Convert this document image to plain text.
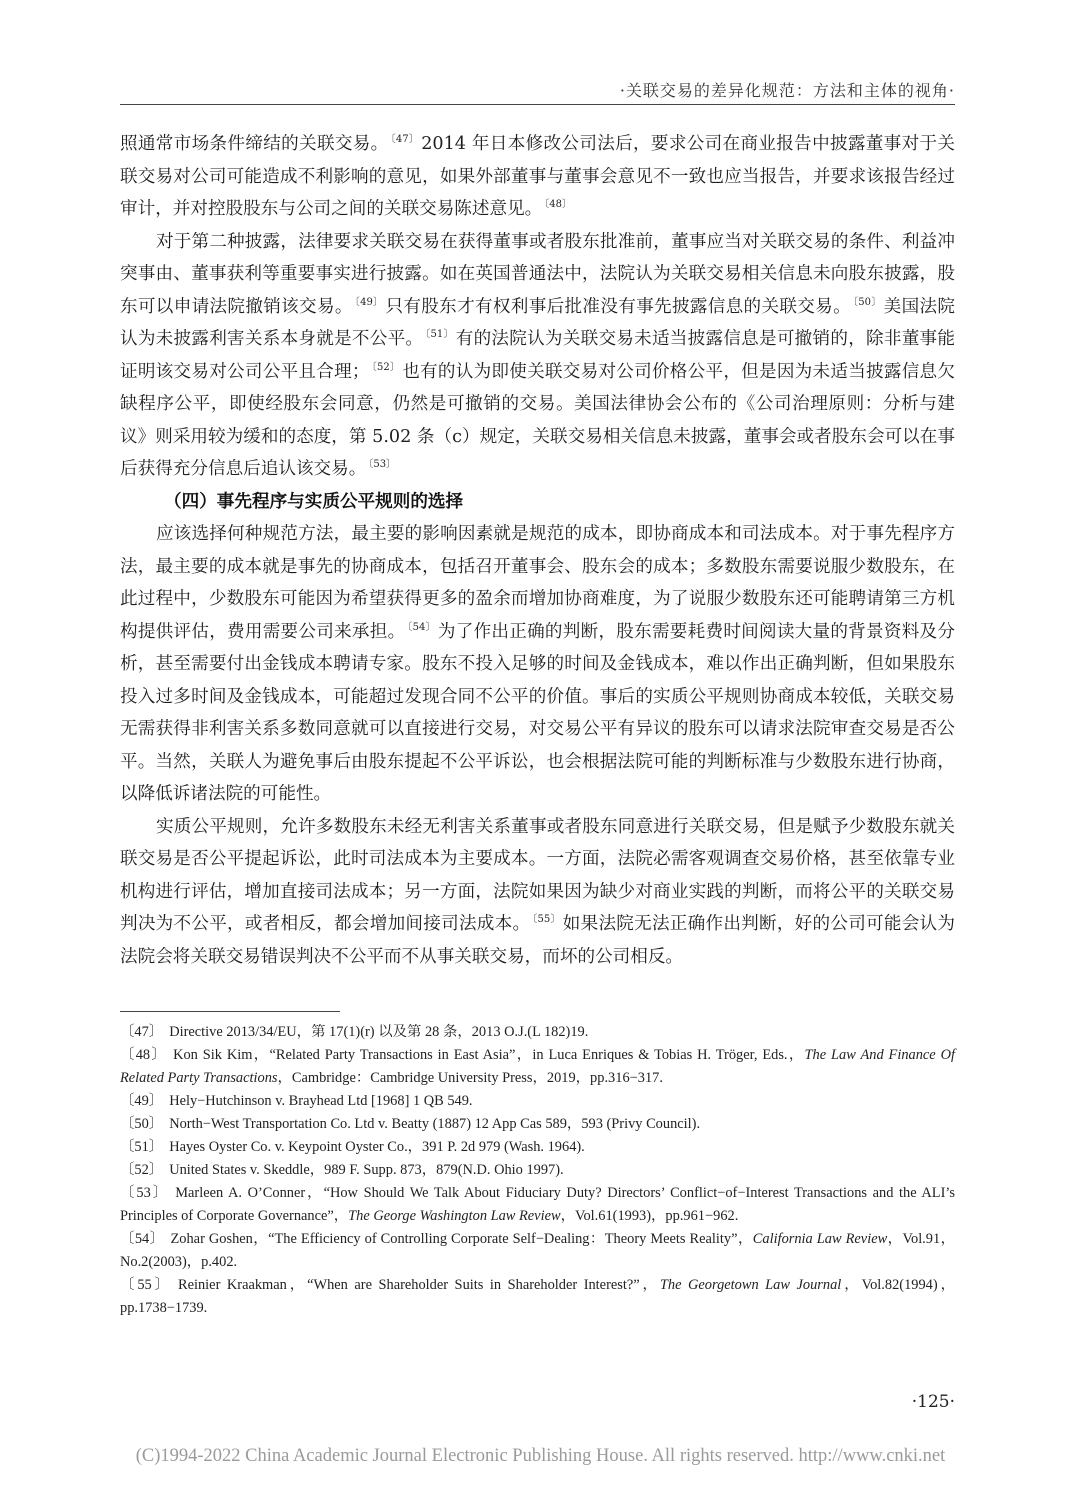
·关联交易的差异化规范：方法和主体的视角·

照通常市场条件缔结的关联交易。 $^{〔47〕}$ 2014 年日本修改公司法后，要求公司在商业报告中披露董事对于关联交易对公司可能造成不利影响的意见，如果外部董事与董事会意见不一致也应当报告，并要求该报告经过审计，并对控股股东与公司之间的关联交易陈述意见。 $^{〔48〕}$

对于第二种披露，法律要求关联交易在获得董事或者股东批准前，董事应当对关联交易的条件、利益冲突事由、董事获利等重要事实进行披露。如在英国普通法中，法院认为关联交易相关信息未向股东披露，股东可以申请法院撤销该交易。 $^{〔49〕}$ 只有股东才有权利事后批准没有事先披露信息的关联交易。 $^{〔50〕}$ 美国法院认为未披露利害关系本身就是不公平。 $^{〔51〕}$ 有的法院认为关联交易未适当披露信息是可撤销的，除非董事能证明该交易对公司公平且合理； $^{〔52〕}$ 也有的认为即使关联交易对公司价格公平，但是因为未适当披露信息欠缺程序公平，即使经股东会同意，仍然是可撤销的交易。美国法律协会公布的《公司治理原则：分析与建议》则采用较为缓和的态度，第 5.02 条（c）规定，关联交易相关信息未披露，董事会或者股东会可以在事后获得充分信息后追认该交易。 $^{〔53〕}$

（四）事先程序与实质公平规则的选择

应该选择何种规范方法，最主要的影响因素就是规范的成本，即协商成本和司法成本。对于事先程序方法，最主要的成本就是事先的协商成本，包括召开董事会、股东会的成本；多数股东需要说服少数股东，在此过程中，少数股东可能因为希望获得更多的盈余而增加协商难度，为了说服少数股东还可能聘请第三方机构提供评估，费用需要公司来承担。 $^{〔54〕}$ 为了作出正确的判断，股东需要耗费时间阅读大量的背景资料及分析，甚至需要付出金钱成本聘请专家。股东不投入足够的时间及金钱成本，难以作出正确判断，但如果股东投入过多时间及金钱成本，可能超过发现合同不公平的价值。事后的实质公平规则协商成本较低，关联交易无需获得非利害关系多数同意就可以直接进行交易，对交易公平有异议的股东可以请求法院审查交易是否公平。当然，关联人为避免事后由股东提起不公平诉讼，也会根据法院可能的判断标准与少数股东进行协商，以降低诉诸法院的可能性。

实质公平规则，允许多数股东未经无利害关系董事或者股东同意进行关联交易，但是赋予少数股东就关联交易是否公平提起诉讼，此时司法成本为主要成本。一方面，法院必需客观调查交易价格，甚至依靠专业机构进行评估，增加直接司法成本；另一方面，法院如果因为缺少对商业实践的判断，而将公平的关联交易判决为不公平，或者相反，都会增加间接司法成本。 $^{〔55〕}$ 如果法院无法正确作出判断，好的公司可能会认为法院会将关联交易错误判决不公平而不从事关联交易，而坏的公司相反。

〔47〕 Directive 2013/34/EU，第 17(1)(r) 以及第 28 条，2013 O.J.(L 182)19.

〔48〕 Kon Sik Kim，“Related Party Transactions in East Asia”，in Luca Enriques & Tobias H. Tröger, Eds.，The Law And Finance Of Related Party Transactions，Cambridge：Cambridge University Press，2019，pp.316−317.

〔49〕 Hely−Hutchinson v. Brayhead Ltd [1968] 1 QB 549.

〔50〕 North−West Transportation Co. Ltd v. Beatty (1887) 12 App Cas 589，593 (Privy Council).

〔51〕 Hayes Oyster Co. v. Keypoint Oyster Co.，391 P. 2d 979 (Wash. 1964).

〔52〕 United States v. Skeddle，989 F. Supp. 873，879(N.D. Ohio 1997).

〔53〕 Marleen A. O’Conner，“How Should We Talk About Fiduciary Duty? Directors’ Conflict−of−Interest Transactions and the ALI’s Principles of Corporate Governance”，The George Washington Law Review，Vol.61(1993)，pp.961−962.

〔54〕 Zohar Goshen，“The Efficiency of Controlling Corporate Self−Dealing：Theory Meets Reality”，California Law Review，Vol.91，No.2(2003)，p.402.

〔55〕 Reinier Kraakman，“When are Shareholder Suits in Shareholder Interest?”，The Georgetown Law Journal，Vol.82(1994)，pp.1738−1739.

·125·
(C)1994-2022 China Academic Journal Electronic Publishing House. All rights reserved. http://www.cnki.net
